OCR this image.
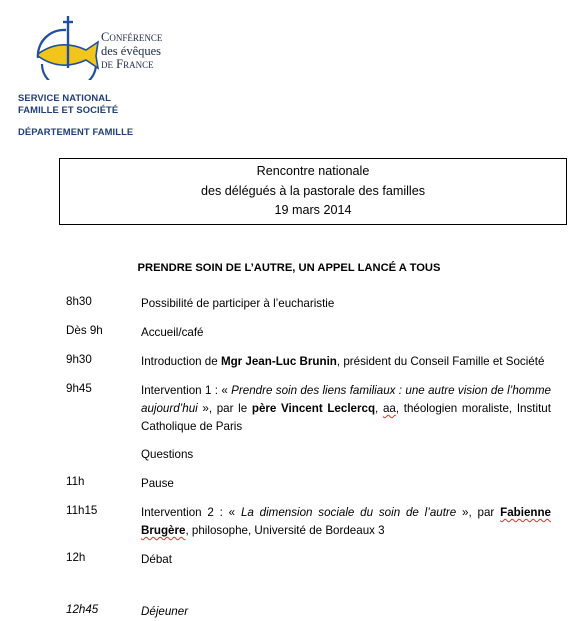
Conférence
des évêques
de France
SERVICE NATIONAL
FAMILLE ET SOCIÉTÉ
DÉPARTEMENT FAMILLE
Rencontre nationale
des délégués à la pastorale des familles
19 mars 2014
PRENDRE SOIN DE L’AUTRE, UN APPEL LANCÉ A TOUS
8h30	Possibilité de participer à l’eucharistie
Dès 9h	Accueil/café
9h30	Introduction de Mgr Jean-Luc Brunin, président du Conseil Famille et Société
9h45	Intervention 1 : « Prendre soin des liens familiaux : une autre vision de l’homme aujourd’hui », par le père Vincent Leclercq, aa, théologien moraliste, Institut Catholique de Paris
Questions
11h	Pause
11h15	Intervention 2 : « La dimension sociale du soin de l’autre », par Fabienne Brugère, philosophe, Université de Bordeaux 3
12h	Débat
12h45	Déjeuner
